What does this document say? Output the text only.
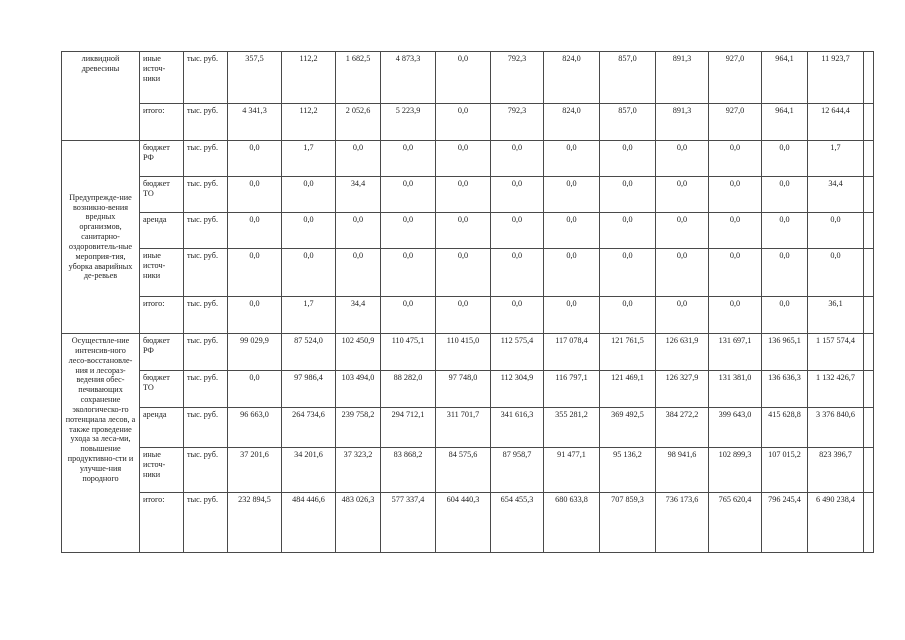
ликвидной древесины	иные источ-ники	тыс. руб.	357,5	112,2	1 682,5	4 873,3	0,0	792,3	824,0	857,0	891,3	927,0	964,1	11 923,7	
	итого:	тыс. руб.	4 341,3	112,2	2 052,6	5 223,9	0,0	792,3	824,0	857,0	891,3	927,0	964,1	12 644,4	
Предупрежде-ние возникно-вения вредных организмов, санитарно-оздоровитель-ные мероприя-тия, уборка аварийных де-ревьев	бюджет РФ	тыс. руб.	0,0	1,7	0,0	0,0	0,0	0,0	0,0	0,0	0,0	0,0	0,0	1,7	
	бюджет ТО	тыс. руб.	0,0	0,0	34,4	0,0	0,0	0,0	0,0	0,0	0,0	0,0	0,0	34,4	
	аренда	тыс. руб.	0,0	0,0	0,0	0,0	0,0	0,0	0,0	0,0	0,0	0,0	0,0	0,0	
	иные источ-ники	тыс. руб.	0,0	0,0	0,0	0,0	0,0	0,0	0,0	0,0	0,0	0,0	0,0	0,0	
	итого:	тыс. руб.	0,0	1,7	34,4	0,0	0,0	0,0	0,0	0,0	0,0	0,0	0,0	36,1	
Осуществле-ние интенсив-ного лесо-восстановле-ния и лесораз-ведения обес-печивающих сохранение экологическо-го потенциала лесов, а также проведение ухода за леса-ми, повышение продуктивно-сти и улучше-ния породного	бюджет РФ	тыс. руб.	99 029,9	87 524,0	102 450,9	110 475,1	110 415,0	112 575,4	117 078,4	121 761,5	126 631,9	131 697,1	136 965,1	1 157 574,4	
	бюджет ТО	тыс. руб.	0,0	97 986,4	103 494,0	88 282,0	97 748,0	112 304,9	116 797,1	121 469,1	126 327,9	131 381,0	136 636,3	1 132 426,7	
	аренда	тыс. руб.	96 663,0	264 734,6	239 758,2	294 712,1	311 701,7	341 616,3	355 281,2	369 492,5	384 272,2	399 643,0	415 628,8	3 376 840,6	
	иные источ-ники	тыс. руб.	37 201,6	34 201,6	37 323,2	83 868,2	84 575,6	87 958,7	91 477,1	95 136,2	98 941,6	102 899,3	107 015,2	823 396,7	
	итого:	тыс. руб.	232 894,5	484 446,6	483 026,3	577 337,4	604 440,3	654 455,3	680 633,8	707 859,3	736 173,6	765 620,4	796 245,4	6 490 238,4	
